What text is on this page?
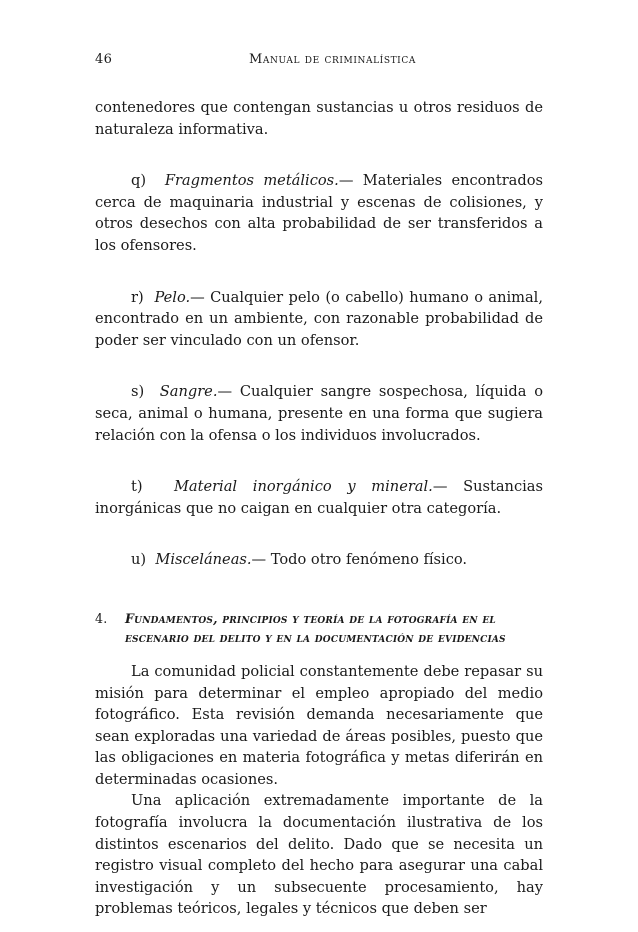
46	Manual de criminalística

contenedores que contengan sustancias u otros residuos de naturaleza informativa.

q) Fragmentos metálicos.— Materiales encontrados cerca de maquinaria industrial y escenas de colisiones, y otros desechos con alta probabilidad de ser transferidos a los ofensores.

r) Pelo.— Cualquier pelo (o cabello) humano o animal, encontrado en un ambiente, con razonable probabilidad de poder ser vinculado con un ofensor.

s) Sangre.— Cualquier sangre sospechosa, líquida o seca, animal o humana, presente en una forma que sugiera relación con la ofensa o los individuos involucrados.

t) Material inorgánico y mineral.— Sustancias inorgánicas que no caigan en cualquier otra categoría.

u) Misceláneas.— Todo otro fenómeno físico.

4. Fundamentos, principios y teoría de la fotografía en el escenario del delito y en la documentación de evidencias

La comunidad policial constantemente debe repasar su misión para determinar el empleo apropiado del medio fotográfico. Esta revisión demanda necesariamente que sean exploradas una variedad de áreas posibles, puesto que las obligaciones en materia fotográfica y metas diferirán en determinadas ocasiones.

Una aplicación extremadamente importante de la fotografía involucra la documentación ilustrativa de los distintos escenarios del delito. Dado que se necesita un registro visual completo del hecho para asegurar una cabal investigación y un subsecuente procesamiento, hay problemas teóricos, legales y técnicos que deben ser
